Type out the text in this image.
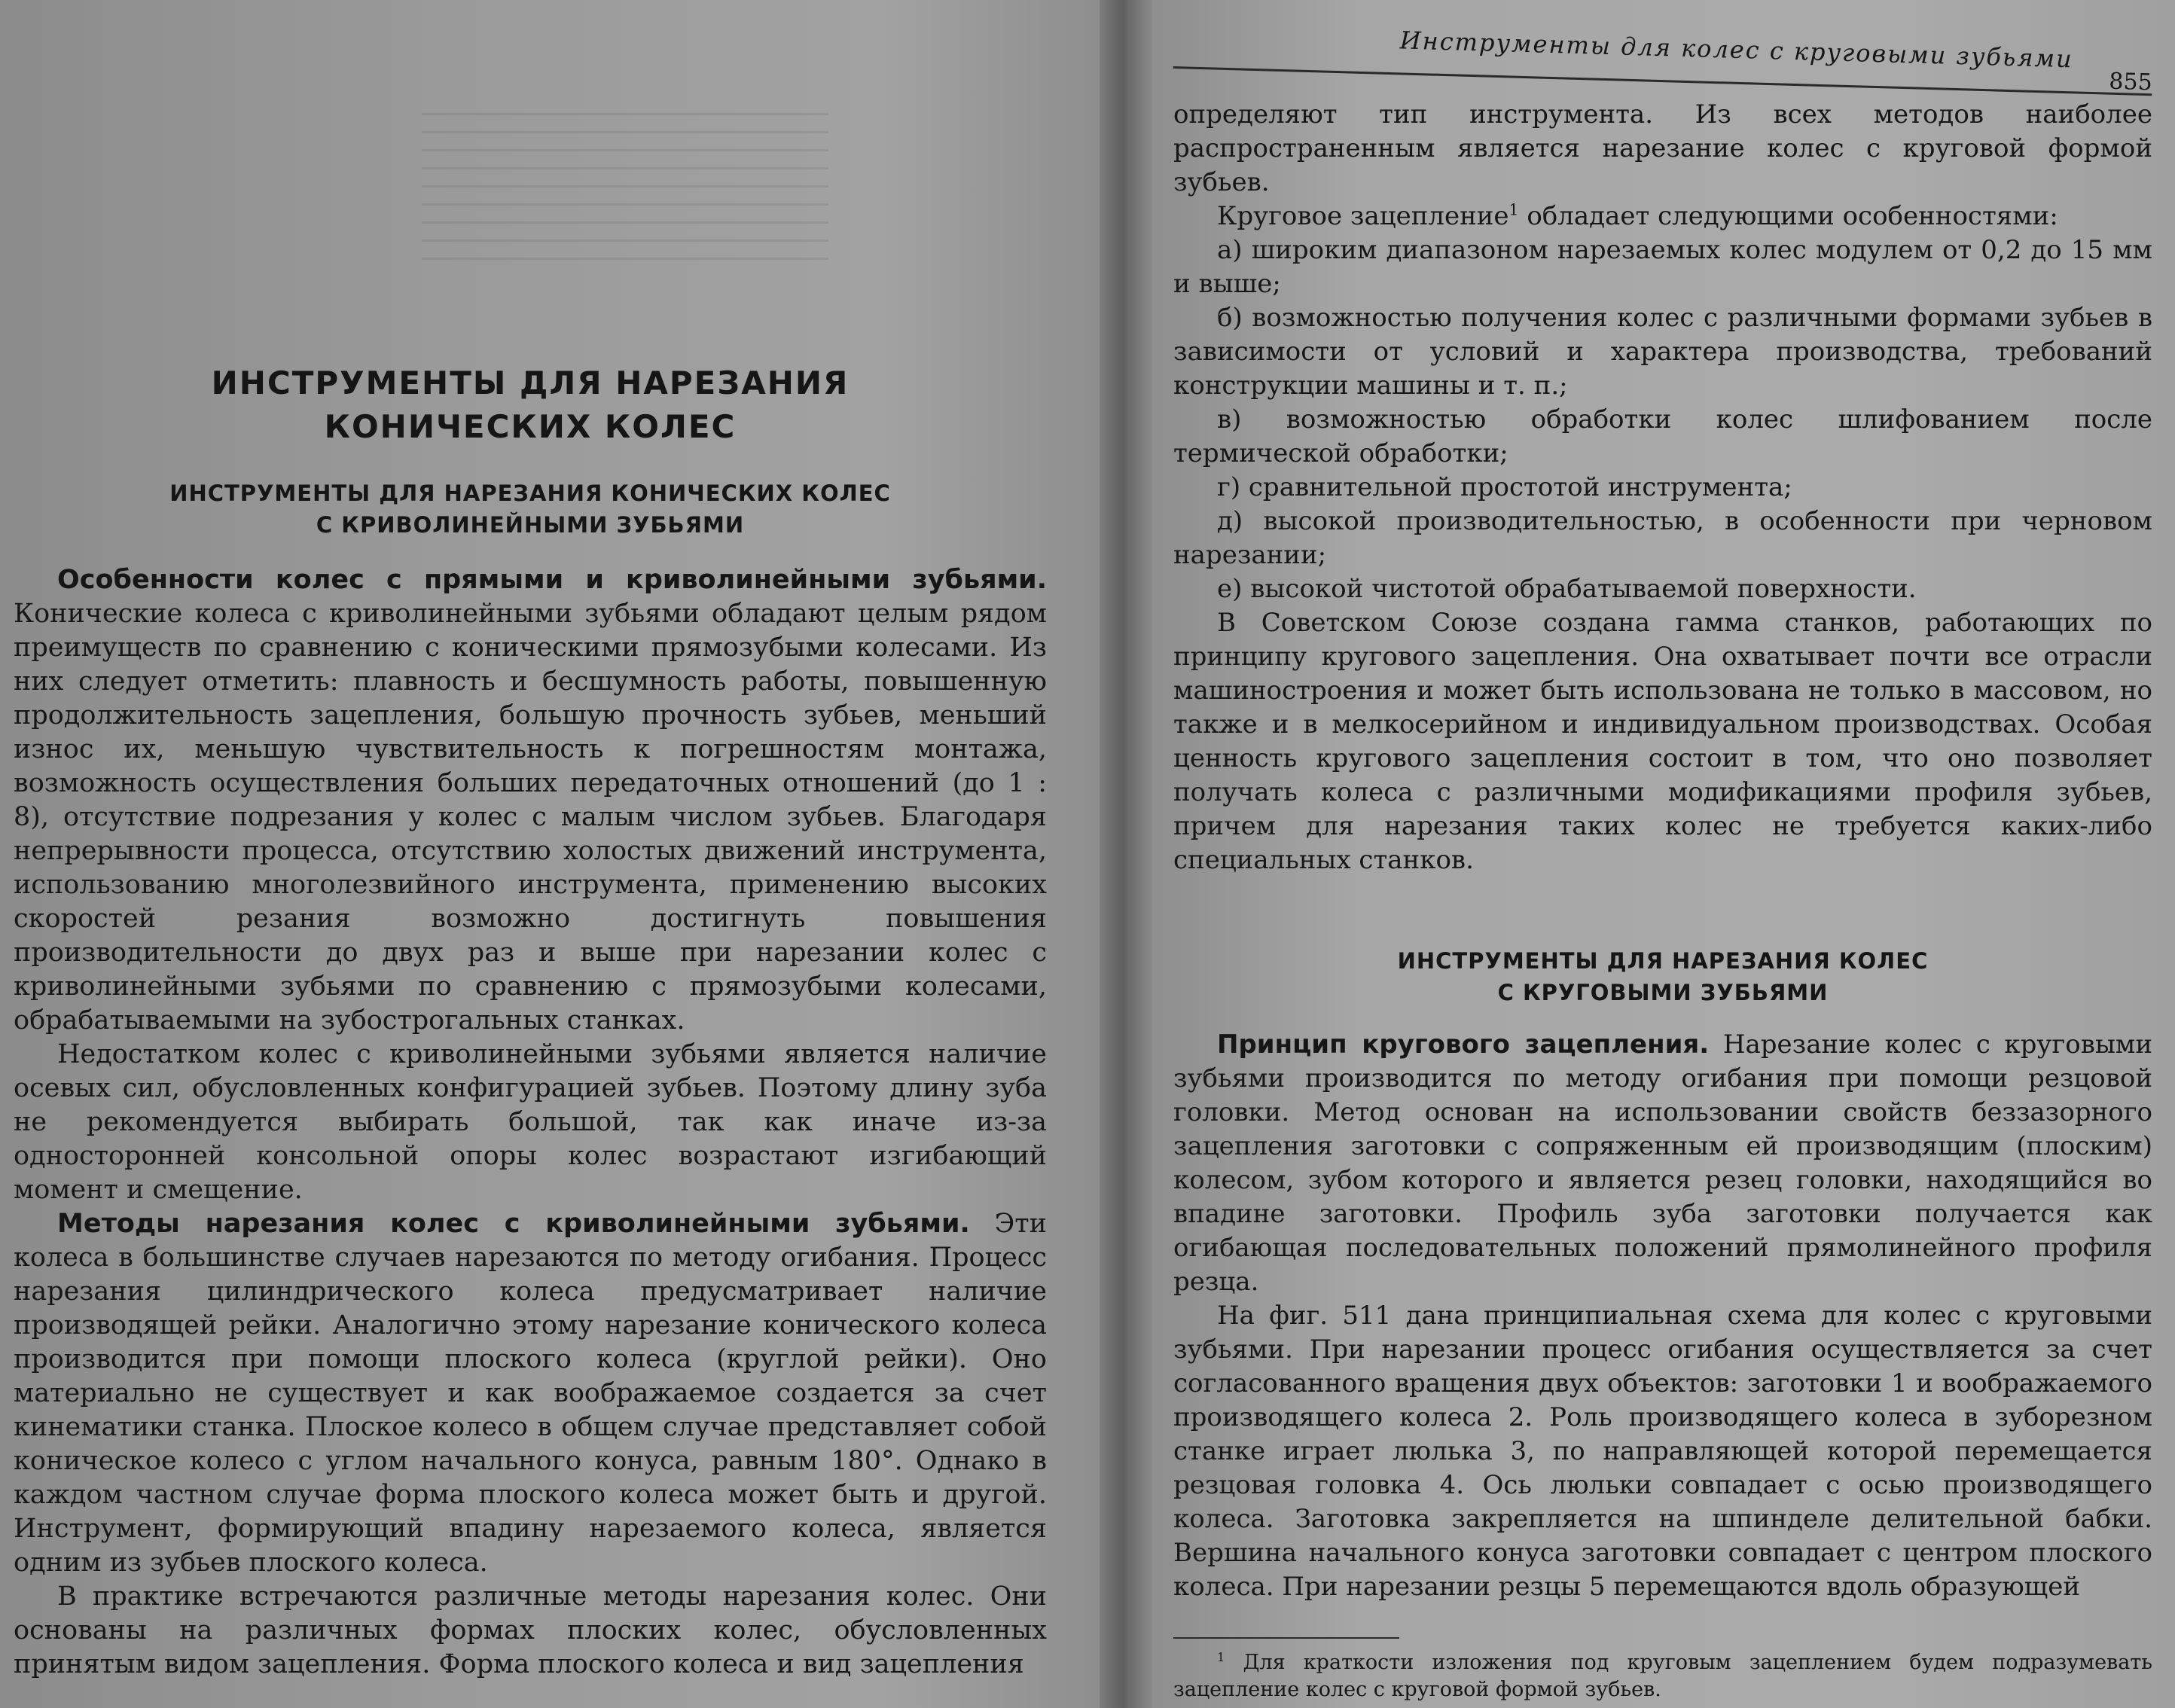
ИНСТРУМЕНТЫ ДЛЯ НАРЕЗАНИЯ
КОНИЧЕСКИХ КОЛЕС
ИНСТРУМЕНТЫ ДЛЯ НАРЕЗАНИЯ КОНИЧЕСКИХ КОЛЕС
С КРИВОЛИНЕЙНЫМИ ЗУБЬЯМИ

Особенности колес с прямыми и криволинейными зубьями. Конические колеса с криволинейными зубьями обладают целым рядом преимуществ по сравнению с коническими прямозубыми колесами. Из них следует отметить: плавность и бесшумность работы, повышенную продолжительность зацепления, большую прочность зубьев, меньший износ их, меньшую чувствительность к погрешностям монтажа, возможность осуществления больших передаточных отношений (до 1 : 8), отсутствие подрезания у колес с малым числом зубьев. Благодаря непрерывности процесса, отсутствию холостых движений инструмента, использованию многолезвийного инструмента, применению высоких скоростей резания возможно достигнуть повышения производительности до двух раз и выше при нарезании колес с криволинейными зубьями по сравнению с прямозубыми колесами, обрабатываемыми на зубострогальных станках.

Недостатком колес с криволинейными зубьями является наличие осевых сил, обусловленных конфигурацией зубьев. Поэтому длину зуба не рекомендуется выбирать большой, так как иначе из-за односторонней консольной опоры колес возрастают изгибающий момент и смещение.

Методы нарезания колес с криволинейными зубьями. Эти колеса в большинстве случаев нарезаются по методу огибания. Процесс нарезания цилиндрического колеса предусматривает наличие производящей рейки. Аналогично этому нарезание конического колеса производится при помощи плоского колеса (круглой рейки). Оно материально не существует и как воображаемое создается за счет кинематики станка. Плоское колесо в общем случае представляет собой коническое колесо с углом начального конуса, равным 180°. Однако в каждом частном случае форма плоского колеса может быть и другой. Инструмент, формирующий впадину нарезаемого колеса, является одним из зубьев плоского колеса.

В практике встречаются различные методы нарезания колес. Они основаны на различных формах плоских колес, обусловленных принятым видом зацепления. Форма плоского колеса и вид зацепления

Инструменты для колес с круговыми зубьями
855

определяют тип инструмента. Из всех методов наиболее распространенным является нарезание колес с круговой формой зубьев.

Круговое зацепление$^1$ обладает следующими особенностями:

а) широким диапазоном нарезаемых колес модулем от 0,2 до 15 мм и выше;

б) возможностью получения колес с различными формами зубьев в зависимости от условий и характера производства, требований конструкции машины и т. п.;

в) возможностью обработки колес шлифованием после термической обработки;

г) сравнительной простотой инструмента;

д) высокой производительностью, в особенности при черновом нарезании;

е) высокой чистотой обрабатываемой поверхности.

В Советском Союзе создана гамма станков, работающих по принципу кругового зацепления. Она охватывает почти все отрасли машиностроения и может быть использована не только в массовом, но также и в мелкосерийном и индивидуальном производствах. Особая ценность кругового зацепления состоит в том, что оно позволяет получать колеса с различными модификациями профиля зубьев, причем для нарезания таких колес не требуется каких-либо специальных станков.

ИНСТРУМЕНТЫ ДЛЯ НАРЕЗАНИЯ КОЛЕС
С КРУГОВЫМИ ЗУБЬЯМИ

Принцип кругового зацепления. Нарезание колес с круговыми зубьями производится по методу огибания при помощи резцовой головки. Метод основан на использовании свойств беззазорного зацепления заготовки с сопряженным ей производящим (плоским) колесом, зубом которого и является резец головки, находящийся во впадине заготовки. Профиль зуба заготовки получается как огибающая последовательных положений прямолинейного профиля резца.

На фиг. 511 дана принципиальная схема для колес с круговыми зубьями. При нарезании процесс огибания осуществляется за счет согласованного вращения двух объектов: заготовки 1 и воображаемого производящего колеса 2. Роль производящего колеса в зуборезном станке играет люлька 3, по направляющей которой перемещается резцовая головка 4. Ось люльки совпадает с осью производящего колеса. Заготовка закрепляется на шпинделе делительной бабки. Вершина начального конуса заготовки совпадает с центром плоского колеса. При нарезании резцы 5 перемещаются вдоль образующей

$^1$ Для краткости изложения под круговым зацеплением будем подразумевать зацепление колес с круговой формой зубьев.
